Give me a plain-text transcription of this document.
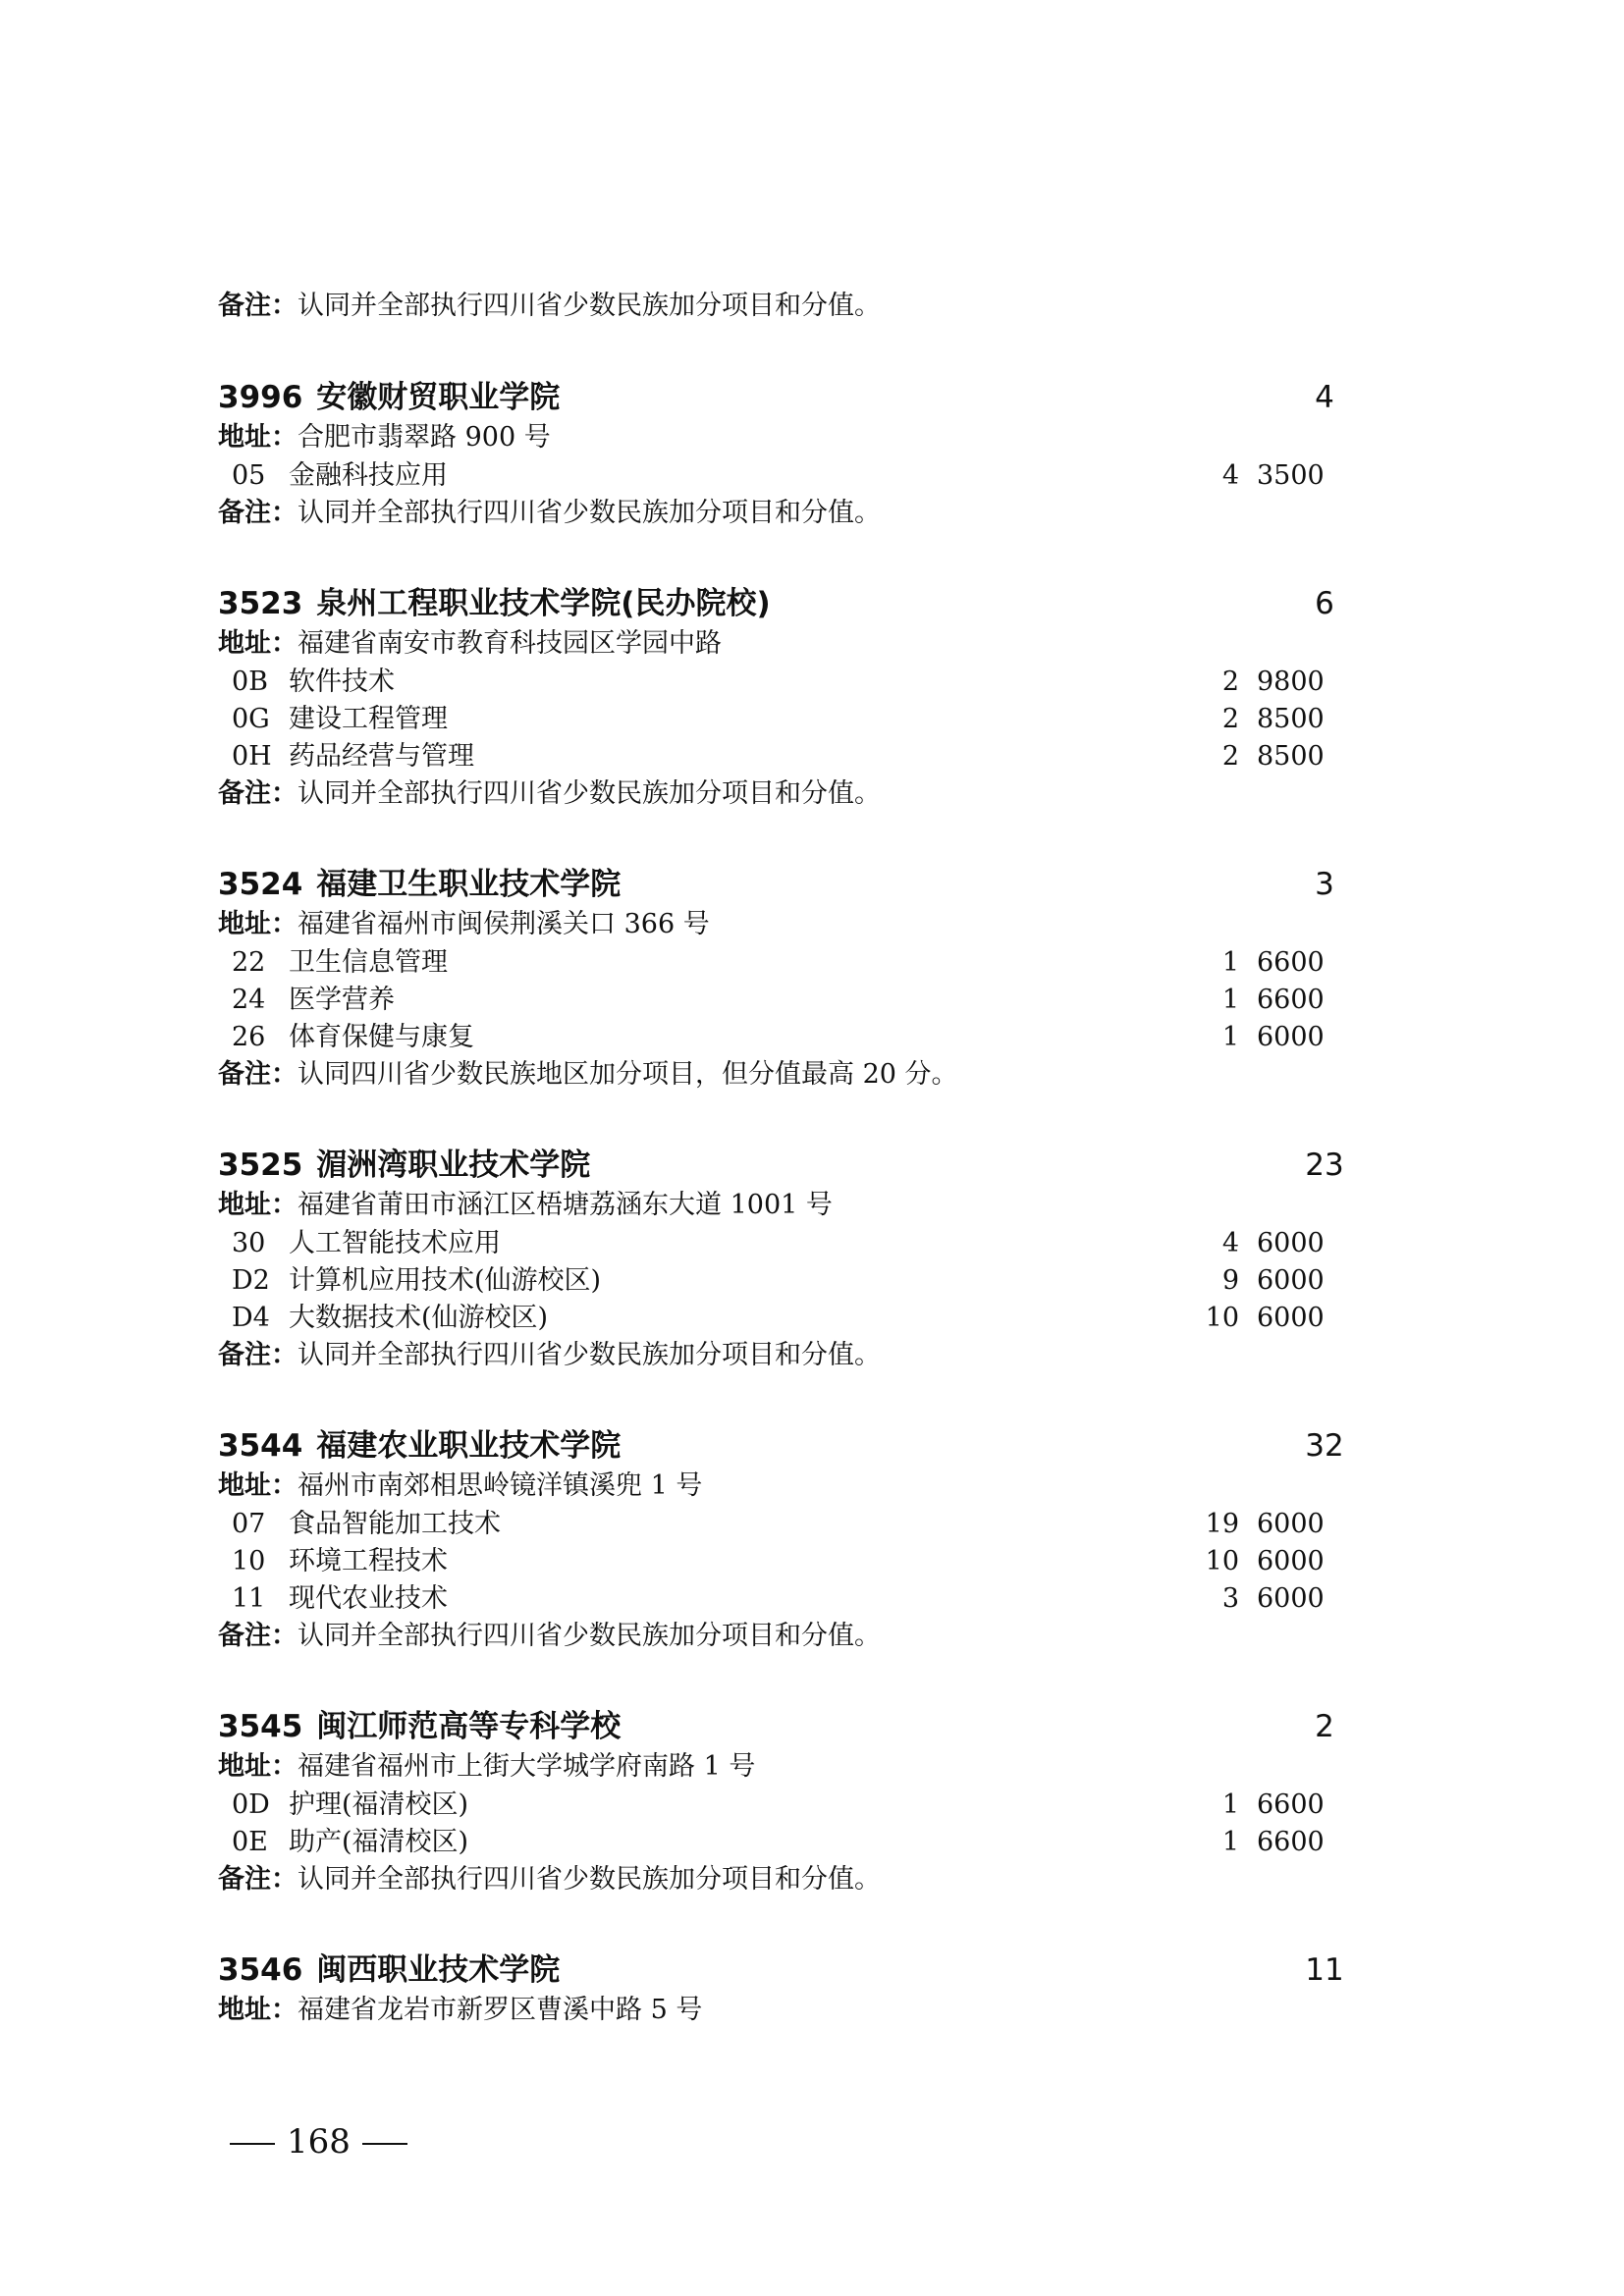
备注：认同并全部执行四川省少数民族加分项目和分值。
3996 安徽财贸职业学院	4
地址：合肥市翡翠路 900 号
05 金融科技应用	4 3500
备注：认同并全部执行四川省少数民族加分项目和分值。
3523 泉州工程职业技术学院(民办院校)	6
地址：福建省南安市教育科技园区学园中路
0B 软件技术	2 9800
0G 建设工程管理	2 8500
0H 药品经营与管理	2 8500
备注：认同并全部执行四川省少数民族加分项目和分值。
3524 福建卫生职业技术学院	3
地址：福建省福州市闽侯荆溪关口 366 号
22 卫生信息管理	1 6600
24 医学营养	1 6600
26 体育保健与康复	1 6000
备注：认同四川省少数民族地区加分项目，但分值最高 20 分。
3525 湄洲湾职业技术学院	23
地址：福建省莆田市涵江区梧塘荔涵东大道 1001 号
30 人工智能技术应用	4 6000
D2 计算机应用技术(仙游校区)	9 6000
D4 大数据技术(仙游校区)	10 6000
备注：认同并全部执行四川省少数民族加分项目和分值。
3544 福建农业职业技术学院	32
地址：福州市南郊相思岭镜洋镇溪兜 1 号
07 食品智能加工技术	19 6000
10 环境工程技术	10 6000
11 现代农业技术	3 6000
备注：认同并全部执行四川省少数民族加分项目和分值。
3545 闽江师范高等专科学校	2
地址：福建省福州市上街大学城学府南路 1 号
0D 护理(福清校区)	1 6600
0E 助产(福清校区)	1 6600
备注：认同并全部执行四川省少数民族加分项目和分值。
3546 闽西职业技术学院	11
地址：福建省龙岩市新罗区曹溪中路 5 号
168
